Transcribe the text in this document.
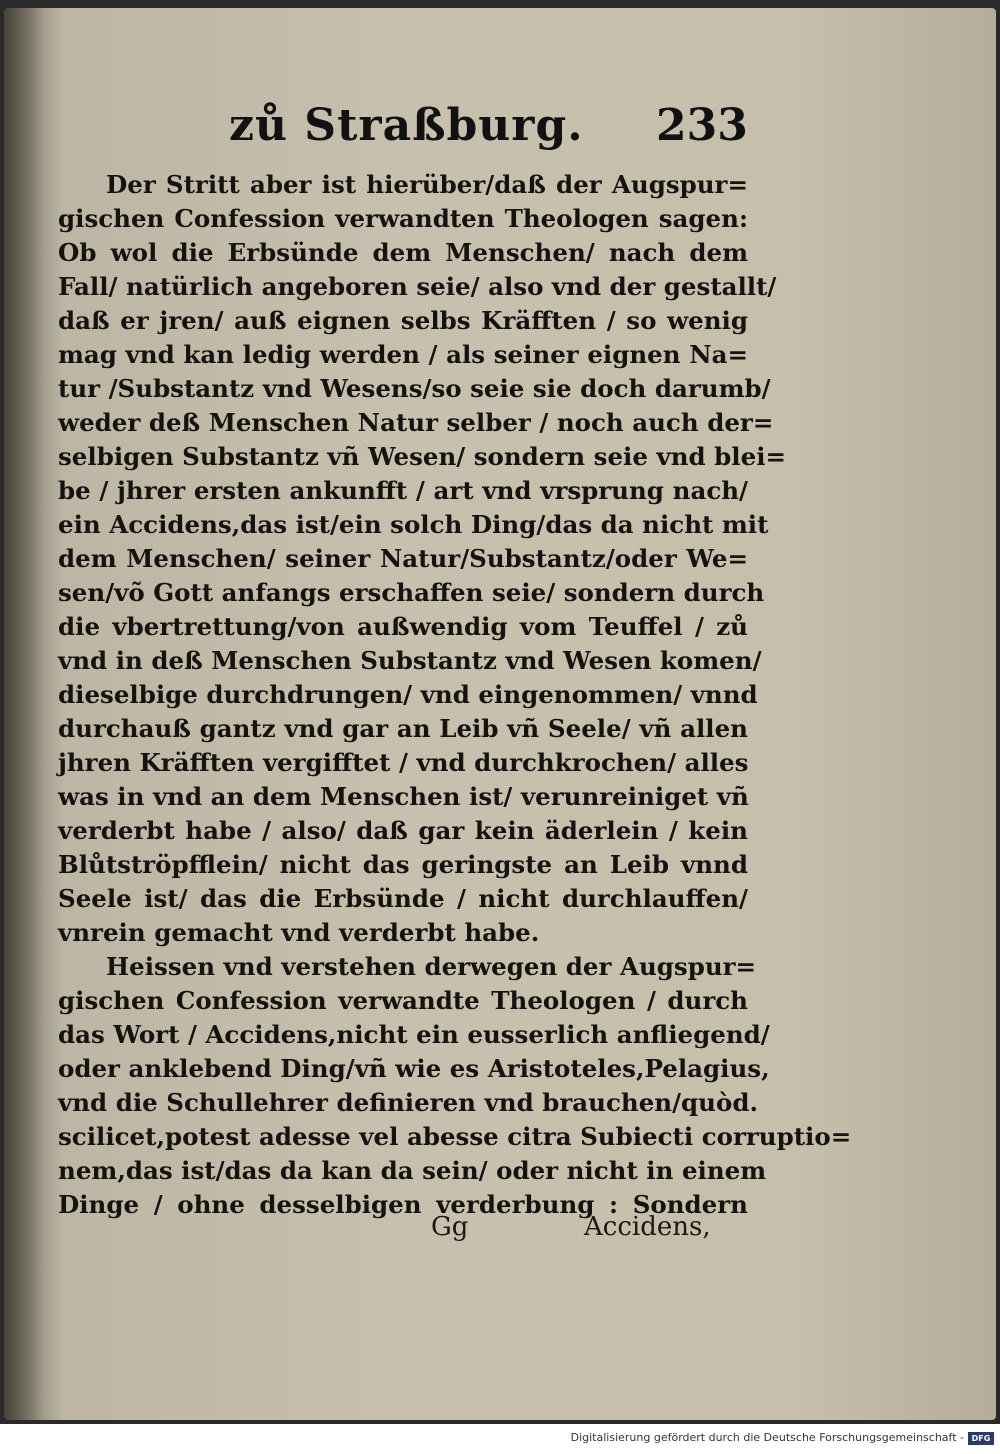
zů Straßburg. 233
Der Stritt aber ist hierüber/daß der Augspur=
gischen Confession verwandten Theologen sagen:
Ob wol die Erbsünde dem Menschen/ nach dem
Fall/ natürlich angeboren seie/ also vnd der gestallt/
daß er jren/ auß eignen selbs Kräfften / so wenig
mag vnd kan ledig werden / als seiner eignen Na=
tur /Substantz vnd Wesens/so seie sie doch darumb/
weder deß Menschen Natur selber / noch auch der=
selbigen Substantz vñ Wesen/ sondern seie vnd blei=
be / jhrer ersten ankunfft / art vnd vrsprung nach/
ein Accidens,das ist/ein solch Ding/das da nicht mit
dem Menschen/ seiner Natur/Substantz/oder We=
sen/võ Gott anfangs erschaffen seie/ sondern durch
die vbertrettung/von außwendig vom Teuffel / zů
vnd in deß Menschen Substantz vnd Wesen komen/
dieselbige durchdrungen/ vnd eingenommen/ vnnd
durchauß gantz vnd gar an Leib vñ Seele/ vñ allen
jhren Kräfften vergifftet / vnd durchkrochen/ alles
was in vnd an dem Menschen ist/ verunreiniget vñ
verderbt habe / also/ daß gar kein äderlein / kein
Blůtströpfflein/ nicht das geringste an Leib vnnd
Seele ist/ das die Erbsünde / nicht durchlauffen/
vnrein gemacht vnd verderbt habe.
Heissen vnd verstehen derwegen der Augspur=
gischen Confession verwandte Theologen / durch
das Wort / Accidens,nicht ein eusserlich anfliegend/
oder anklebend Ding/vñ wie es Aristoteles,Pelagius,
vnd die Schullehrer definieren vnd brauchen/quòd.
scilicet,potest adesse vel abesse citra Subiecti corruptio=
nem,das ist/das da kan da sein/ oder nicht in einem
Dinge / ohne desselbigen verderbung : Sondern
Gg	Accidens,
Digitalisierung gefördert durch die Deutsche Forschungsgemeinschaft - DFG
